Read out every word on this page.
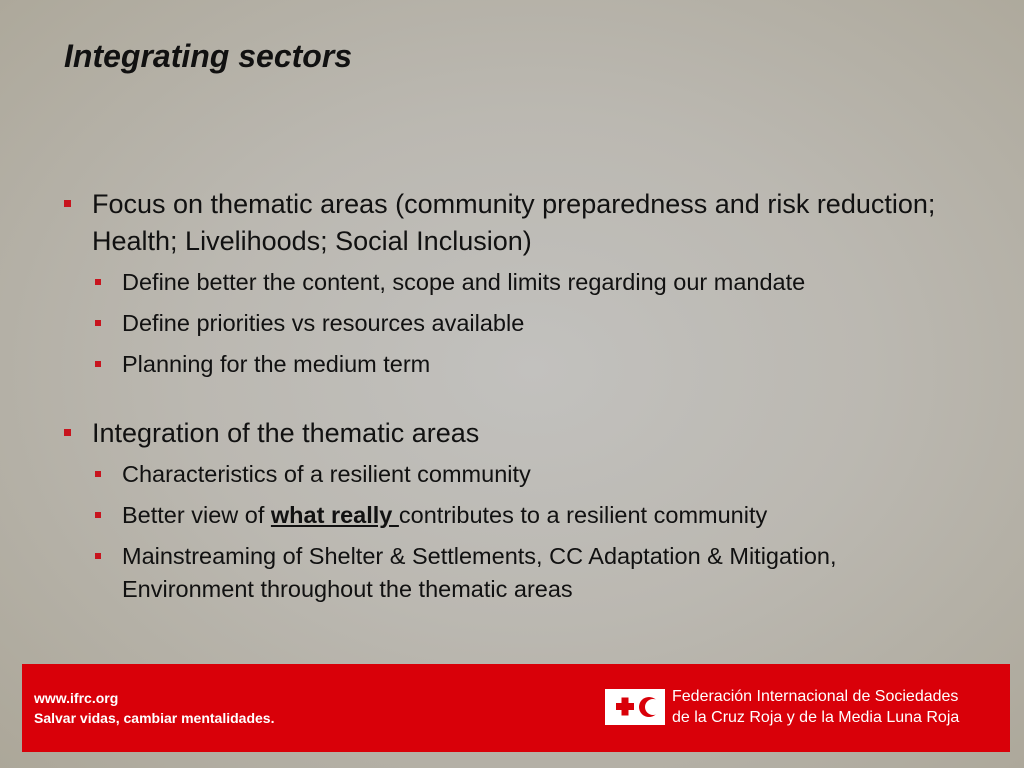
Integrating sectors
Focus on thematic areas (community preparedness and risk reduction; Health; Livelihoods; Social Inclusion)
Define better the content, scope and limits regarding our mandate
Define priorities vs resources available
Planning for the medium term
Integration of the thematic areas
Characteristics of a resilient community
Better view of what really contributes to a resilient community
Mainstreaming of Shelter & Settlements, CC Adaptation & Mitigation, Environment throughout the thematic areas
www.ifrc.org
Salvar vidas, cambiar mentalidades.
Federación Internacional de Sociedades
de la Cruz Roja y de la Media Luna Roja
